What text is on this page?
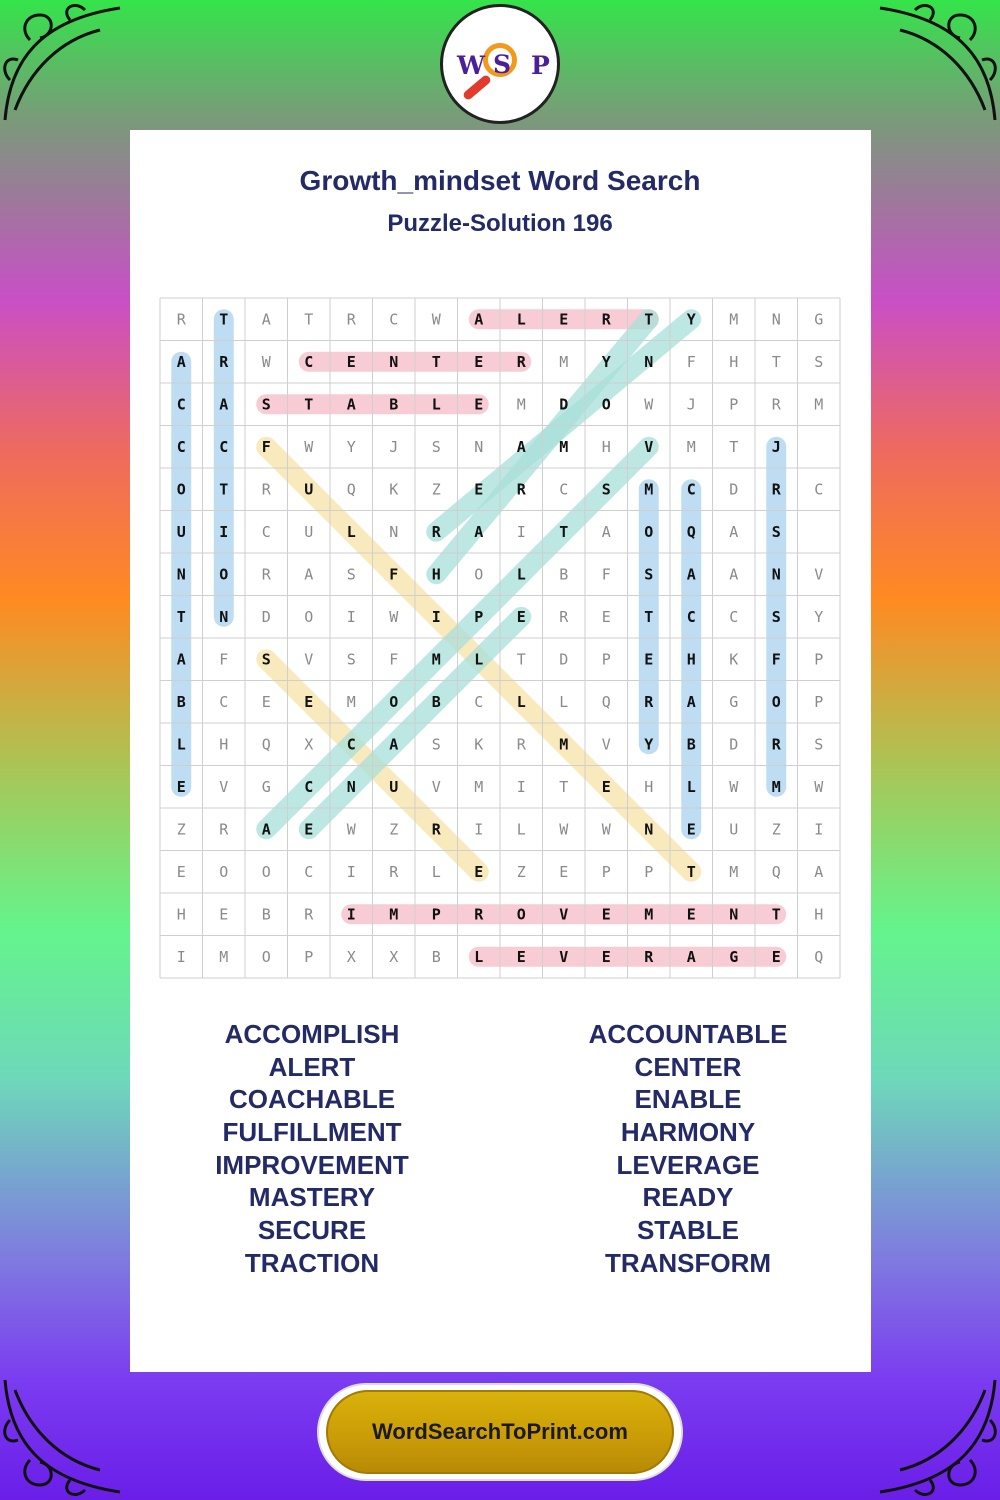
W S P
Growth_mindset Word Search
Puzzle-Solution 196
R T A T R C W A L E R T Y M N G
A R W C E N T E R M Y N F H T S
C A S T A B L E M D O W J P R M
C C F W Y J S N A M H V M T J
O T R U Q K Z E R C S M C D R C
U I C U L N R A I T A O Q A S
N O R A S F H O L B F S A A N V
T N D O I W I P E R E T C C S Y
A F S V S F M L T D P E H K F P
B C E E M O B C L L Q R A G O P
L H Q X C A S K R M V Y B D R S
E V G C N U V M I T E H L W M W
Z R A E W Z R I L W W N E U Z I
E O O C I R L E Z E P P T M Q A
H E B R I M P R O V E M E N T H
I M O P X X B L E V E R A G E Q
ACCOMPLISH
ALERT
COACHABLE
FULFILLMENT
IMPROVEMENT
MASTERY
SECURE
TRACTION
ACCOUNTABLE
CENTER
ENABLE
HARMONY
LEVERAGE
READY
STABLE
TRANSFORM
WordSearchToPrint.com
